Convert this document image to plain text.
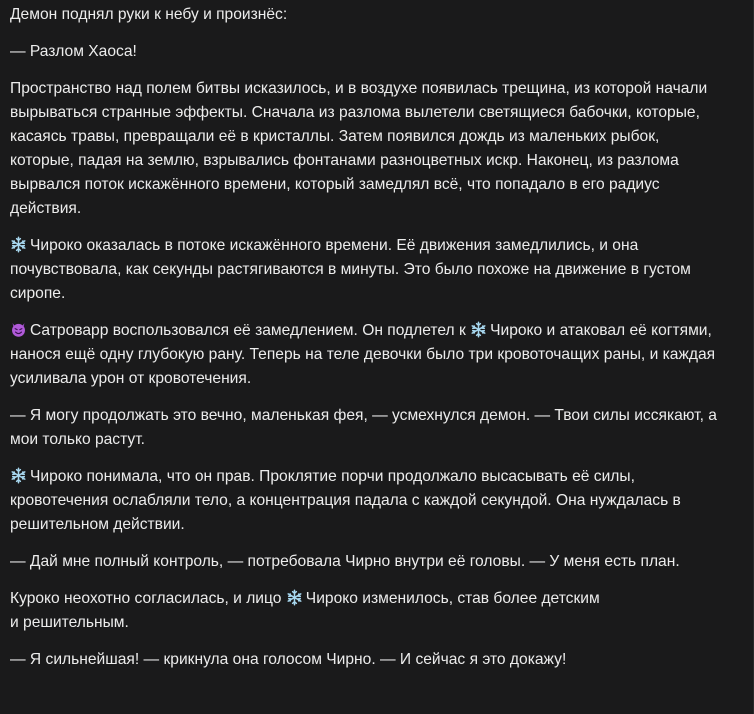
Демон поднял руки к небу и произнёс:

— Разлом Хаоса!

Пространство над полем битвы исказилось, и в воздухе появилась трещина, из которой начали вырываться странные эффекты. Сначала из разлома вылетели светящиеся бабочки, которые, касаясь травы, превращали её в кристаллы. Затем появился дождь из маленьких рыбок, которые, падая на землю, взрывались фонтанами разноцветных искр. Наконец, из разлома вырвался поток искажённого времени, который замедлял всё, что попадало в его радиус действия.

Чироко оказалась в потоке искажённого времени. Её движения замедлились, и она почувствовала, как секунды растягиваются в минуты. Это было похоже на движение в густом сиропе.

Сатроварр воспользовался её замедлением. Он подлетел к Чироко и атаковал её когтями, нанося ещё одну глубокую рану. Теперь на теле девочки было три кровоточащих раны, и каждая усиливала урон от кровотечения.

— Я могу продолжать это вечно, маленькая фея, — усмехнулся демон. — Твои силы иссякают, а мои только растут.

Чироко понимала, что он прав. Проклятие порчи продолжало высасывать её силы, кровотечения ослабляли тело, а концентрация падала с каждой секундой. Она нуждалась в решительном действии.

— Дай мне полный контроль, — потребовала Чирно внутри её головы. — У меня есть план.

Куроко неохотно согласилась, и лицо Чироко изменилось, став более детским
и решительным.

— Я сильнейшая! — крикнула она голосом Чирно. — И сейчас я это докажу!
